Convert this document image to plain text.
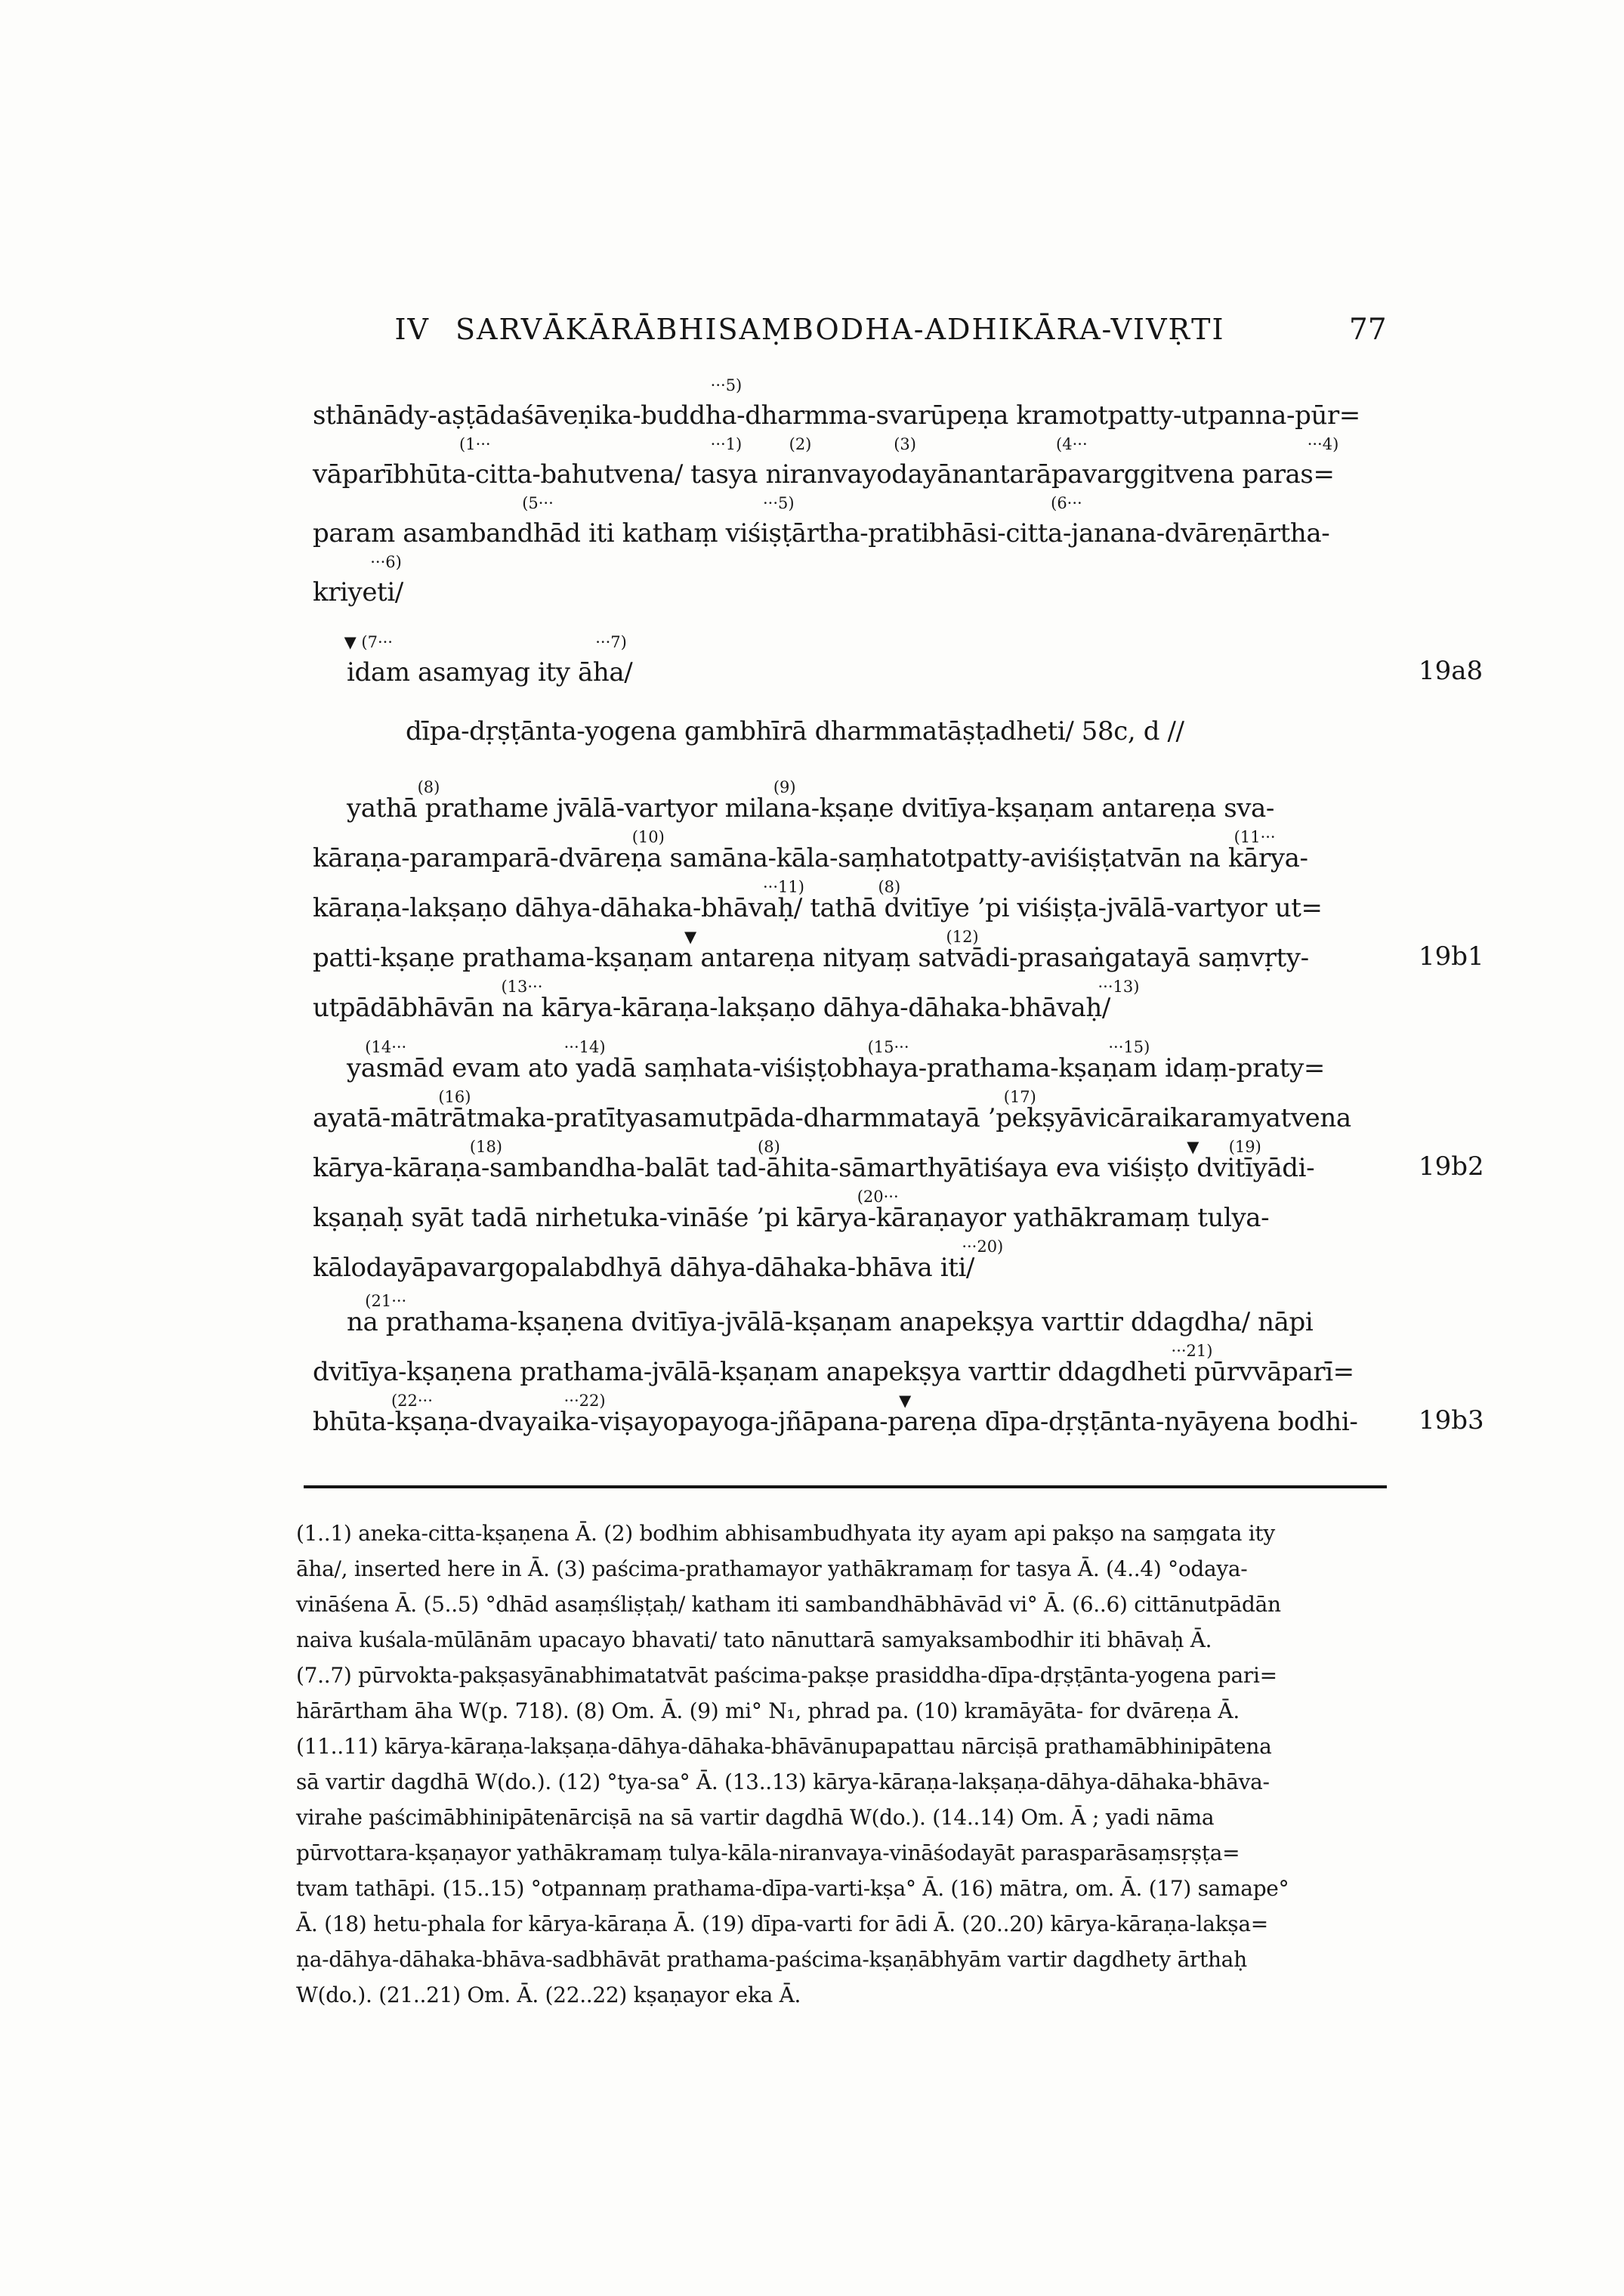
IV SARVĀKĀRĀBHISAṂBODHA-ADHIKĀRA-VIVṚTI	77
···5)
sthānādy-aṣṭādaśāveṇika-buddha-dharmma-svarūpeṇa kramotpatty-utpanna-pūr=
(1···	···1)	(2)	(3)	(4···	···4)
vāparībhūta-citta-bahutvena/ tasya niranvayodayānantarāpavarggitvena paras=
(5···	···5)	(6···
param asambandhād iti kathaṃ viśiṣṭārtha-pratibhāsi-citta-janana-dvāreṇārtha-
···6)
kriyeti/
▼ (7···	···7)
idam asamyag ity āha/	19a8
dīpa-dṛṣṭānta-yogena gambhīrā dharmmatāṣṭadheti/ 58c, d //
(8)	(9)
yathā prathame jvālā-vartyor milana-kṣaṇe dvitīya-kṣaṇam antareṇa sva-
(10)	(11···
kāraṇa-paramparā-dvāreṇa samāna-kāla-saṃhatotpatty-aviśiṣṭatvān na kārya-
···11)	(8)
kāraṇa-lakṣaṇo dāhya-dāhaka-bhāvaḥ/ tathā dvitīye ’pi viśiṣṭa-jvālā-vartyor ut=
▼	(12)
patti-kṣaṇe prathama-kṣaṇam antareṇa nityaṃ satvādi-prasaṅgatayā saṃvṛty-	19b1
(13···	···13)
utpādābhāvān na kārya-kāraṇa-lakṣaṇo dāhya-dāhaka-bhāvaḥ/
(14···	···14)	(15···	···15)
yasmād evam ato yadā saṃhata-viśiṣṭobhaya-prathama-kṣaṇam idaṃ-praty=
(16)	(17)
ayatā-mātrātmaka-pratītyasamutpāda-dharmmatayā ’pekṣyāvicāraikaramyatvena
(18)	(8)	▼ (19)
kārya-kāraṇa-sambandha-balāt tad-āhita-sāmarthyātiśaya eva viśiṣṭo dvitīyādi-	19b2
(20···
kṣaṇaḥ syāt tadā nirhetuka-vināśe ’pi kārya-kāraṇayor yathākramaṃ tulya-
···20)
kālodayāpavargopalabdhyā dāhya-dāhaka-bhāva iti/
(21···
na prathama-kṣaṇena dvitīya-jvālā-kṣaṇam anapekṣya varttir ddagdha/ nāpi
···21)
dvitīya-kṣaṇena prathama-jvālā-kṣaṇam anapekṣya varttir ddagdheti pūrvvāparī=
(22···	···22)	▼
bhūta-kṣaṇa-dvayaika-viṣayopayoga-jñāpana-pareṇa dīpa-dṛṣṭānta-nyāyena bodhi- 19b3
(1..1) aneka-citta-kṣaṇena Ā. (2) bodhim abhisambudhyata ity ayam api pakṣo na saṃgata ity
āha/, inserted here in Ā. (3) paścima-prathamayor yathākramaṃ for tasya Ā. (4..4) °odaya-
vināśena Ā. (5..5) °dhād asaṃśliṣṭaḥ/ katham iti sambandhābhāvād vi° Ā. (6..6) cittānutpādān
naiva kuśala-mūlānām upacayo bhavati/ tato nānuttarā samyaksambodhir iti bhāvaḥ Ā.
(7..7) pūrvokta-pakṣasyānabhimatatvāt paścima-pakṣe prasiddha-dīpa-dṛṣṭānta-yogena pari=
hārārtham āha W(p. 718). (8) Om. Ā. (9) mi° N₁, phrad pa. (10) kramāyāta- for dvāreṇa Ā.
(11..11) kārya-kāraṇa-lakṣaṇa-dāhya-dāhaka-bhāvānupapattau nārciṣā prathamābhinipātena
sā vartir dagdhā W(do.). (12) °tya-sa° Ā. (13..13) kārya-kāraṇa-lakṣaṇa-dāhya-dāhaka-bhāva-
virahe paścimābhinipātenārciṣā na sā vartir dagdhā W(do.). (14..14) Om. Ā ; yadi nāma
pūrvottara-kṣaṇayor yathākramaṃ tulya-kāla-niranvaya-vināśodayāt parasparāsaṃsṛṣṭa=
tvam tathāpi. (15..15) °otpannaṃ prathama-dīpa-varti-kṣa° Ā. (16) mātra, om. Ā. (17) samape°
Ā. (18) hetu-phala for kārya-kāraṇa Ā. (19) dīpa-varti for ādi Ā. (20..20) kārya-kāraṇa-lakṣa=
ṇa-dāhya-dāhaka-bhāva-sadbhāvāt prathama-paścima-kṣaṇābhyām vartir dagdhety ārthaḥ
W(do.). (21..21) Om. Ā. (22..22) kṣaṇayor eka Ā.
